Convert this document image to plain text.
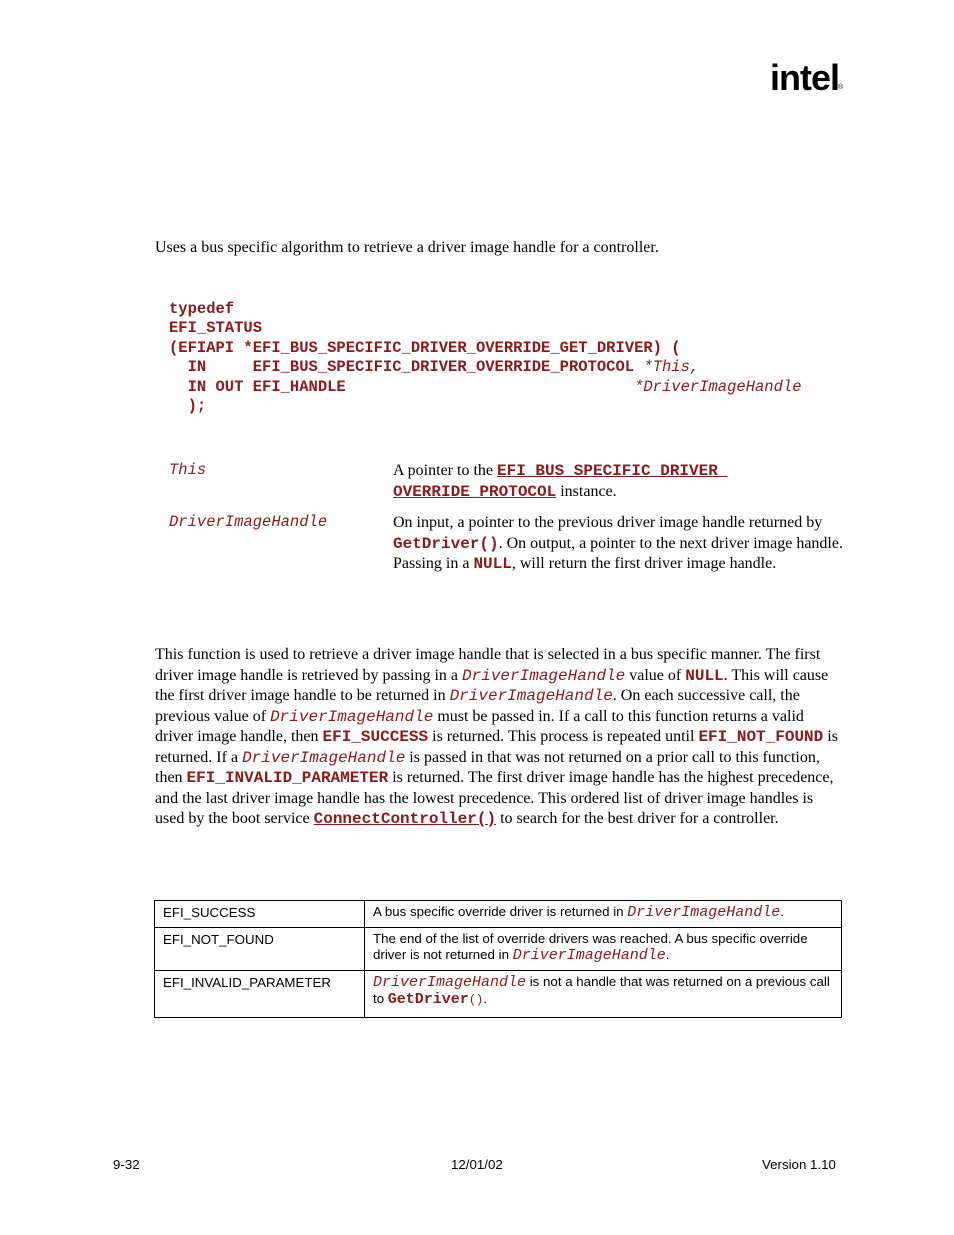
intel
®
Uses a bus specific algorithm to retrieve a driver image handle for a controller.
typedef
EFI_STATUS
(EFIAPI *EFI_BUS_SPECIFIC_DRIVER_OVERRIDE_GET_DRIVER) (
IN     EFI_BUS_SPECIFIC_DRIVER_OVERRIDE_PROTOCOL *This,
IN OUT EFI_HANDLE                               *DriverImageHandle
);
This	A pointer to the EFI_BUS_SPECIFIC_DRIVER_
OVERRIDE_PROTOCOL instance.
DriverImageHandle	On input, a pointer to the previous driver image handle returned by GetDriver(). On output, a pointer to the next driver image handle. Passing in a NULL, will return the first driver image handle.
This function is used to retrieve a driver image handle that is selected in a bus specific manner. The first driver image handle is retrieved by passing in a DriverImageHandle value of NULL. This will cause the first driver image handle to be returned in DriverImageHandle. On each successive call, the previous value of DriverImageHandle must be passed in. If a call to this function returns a valid driver image handle, then EFI_SUCCESS is returned. This process is repeated until EFI_NOT_FOUND is returned. If a DriverImageHandle is passed in that was not returned on a prior call to this function, then EFI_INVALID_PARAMETER is returned. The first driver image handle has the highest precedence, and the last driver image handle has the lowest precedence. This ordered list of driver image handles is used by the boot service ConnectController() to search for the best driver for a controller.
EFI_SUCCESS	A bus specific override driver is returned in DriverImageHandle.
EFI_NOT_FOUND	The end of the list of override drivers was reached. A bus specific override driver is not returned in DriverImageHandle.
EFI_INVALID_PARAMETER	DriverImageHandle is not a handle that was returned on a previous call to GetDriver().
9-32	12/01/02	Version 1.10
